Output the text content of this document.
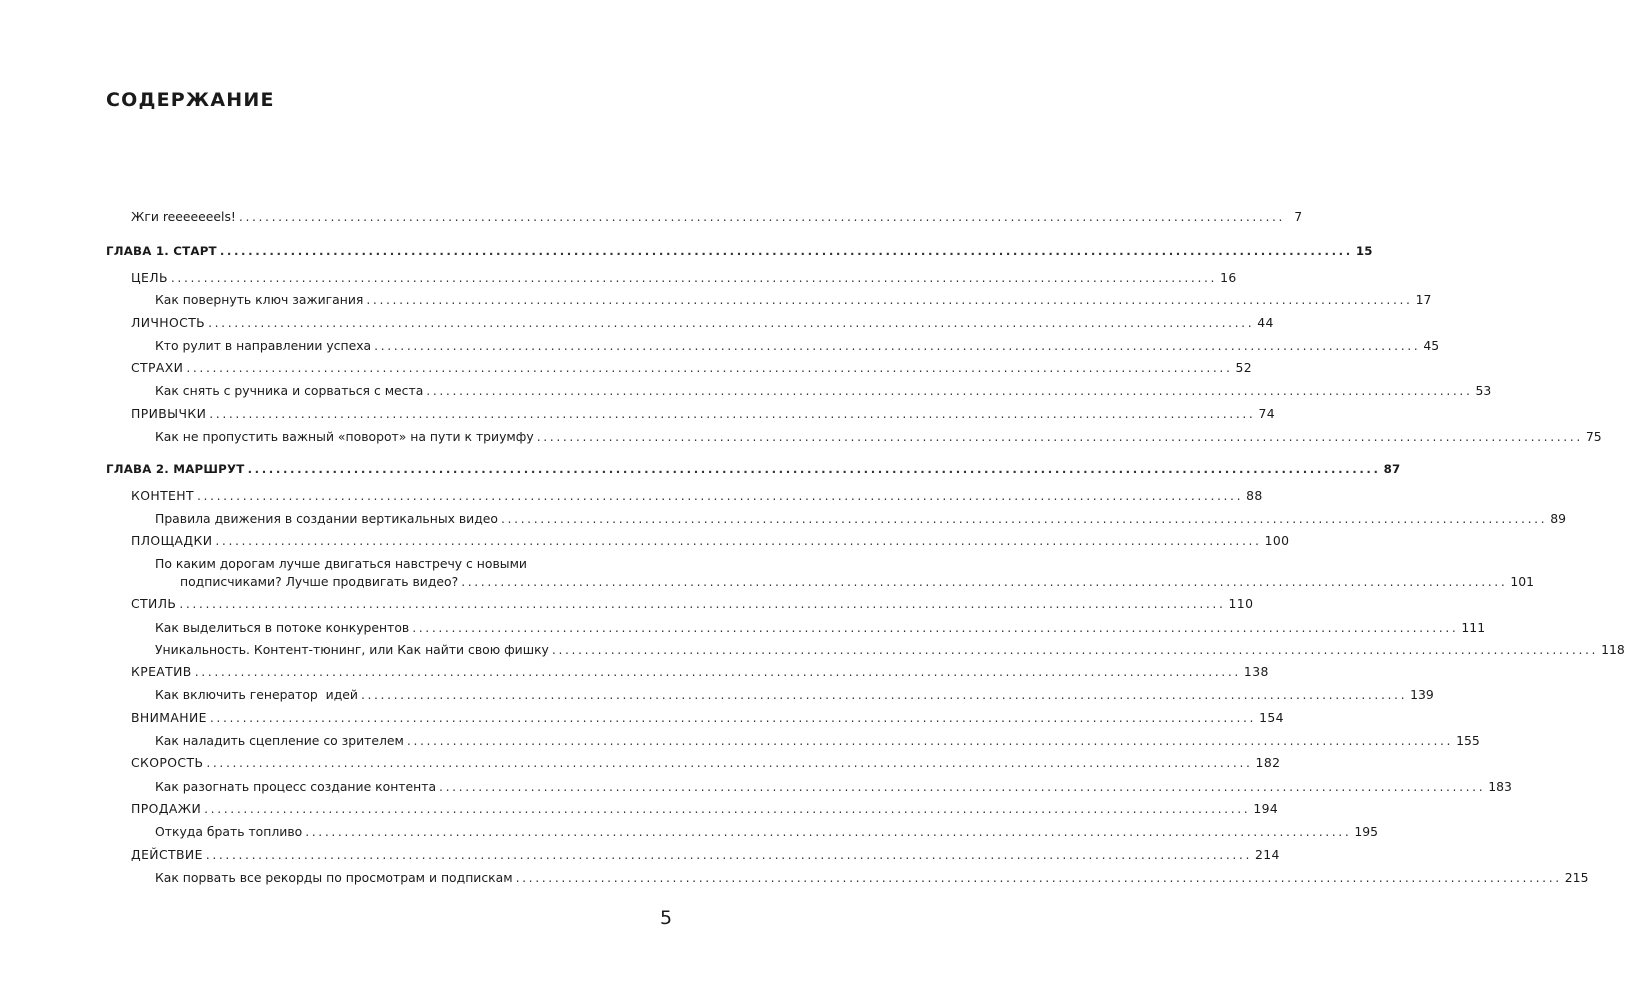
СОДЕРЖАНИЕ
Жги reeeeeeels! ................................................................................................................................................................ 7
ГЛАВА 1. СТАРТ ................................................................................................................................................................ 15
ЦЕЛЬ ................................................................................................................................................................ 16
Как повернуть ключ зажигания ................................................................................................................................................................ 17
ЛИЧНОСТЬ ................................................................................................................................................................ 44
Кто рулит в направлении успеха ................................................................................................................................................................ 45
СТРАХИ ................................................................................................................................................................ 52
Как снять с ручника и сорваться с места ................................................................................................................................................................ 53
ПРИВЫЧКИ ................................................................................................................................................................ 74
Как не пропустить важный «поворот» на пути к триумфу ................................................................................................................................................................ 75
ГЛАВА 2. МАРШРУТ ................................................................................................................................................................ 87
КОНТЕНТ ................................................................................................................................................................ 88
Правила движения в создании вертикальных видео ................................................................................................................................................................ 89
ПЛОЩАДКИ ................................................................................................................................................................ 100
По каким дорогам лучше двигаться навстречу с новыми
подписчиками? Лучше продвигать видео? ................................................................................................................................................................ 101
СТИЛЬ ................................................................................................................................................................ 110
Как выделиться в потоке конкурентов ................................................................................................................................................................ 111
Уникальность. Контент-тюнинг, или Как найти свою фишку ................................................................................................................................................................ 118
КРЕАТИВ ................................................................................................................................................................ 138
Как включить генератор  идей ................................................................................................................................................................ 139
ВНИМАНИЕ ................................................................................................................................................................ 154
Как наладить сцепление со зрителем ................................................................................................................................................................ 155
СКОРОСТЬ ................................................................................................................................................................ 182
Как разогнать процесс создание контента ................................................................................................................................................................ 183
ПРОДАЖИ ................................................................................................................................................................ 194
Откуда брать топливо ................................................................................................................................................................ 195
ДЕЙСТВИЕ ................................................................................................................................................................ 214
Как порвать все рекорды по просмотрам и подпискам ................................................................................................................................................................ 215
5
